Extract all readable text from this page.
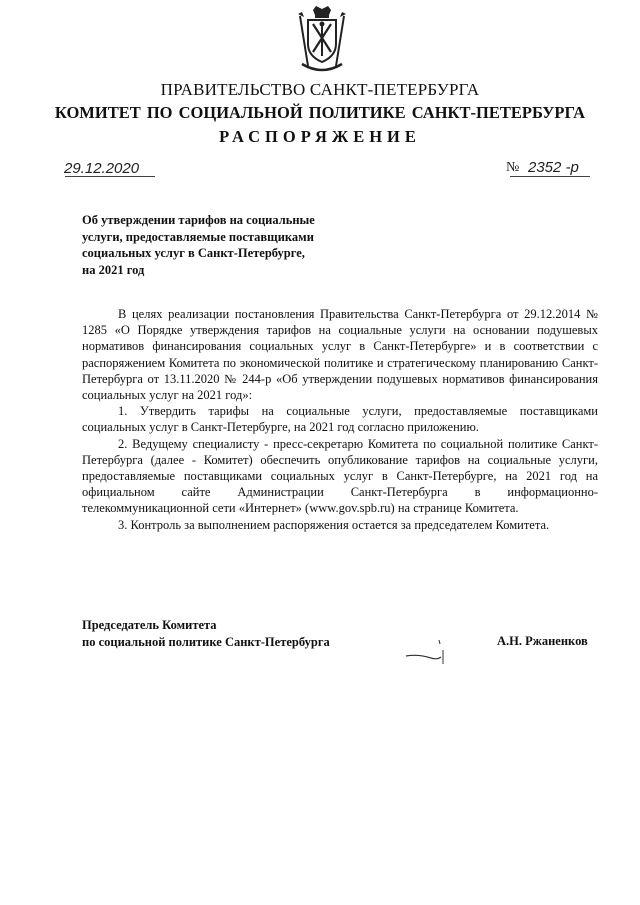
ПРАВИТЕЛЬСТВО САНКТ-ПЕТЕРБУРГА
КОМИТЕТ ПО СОЦИАЛЬНОЙ ПОЛИТИКЕ САНКТ-ПЕТЕРБУРГА
РАСПОРЯЖЕНИЕ
29.12.2020	№ 2352 -р
Об утверждении тарифов на социальные
услуги, предоставляемые поставщиками
социальных услуг в Санкт-Петербурге,
на 2021 год

В целях реализации постановления Правительства Санкт-Петербурга от 29.12.2014 № 1285 «О Порядке утверждения тарифов на социальные услуги на основании подушевых нормативов финансирования социальных услуг в Санкт-Петербурге» и в соответствии с распоряжением Комитета по экономической политике и стратегическому планированию Санкт-Петербурга от 13.11.2020 № 244-р «Об утверждении подушевых нормативов финансирования социальных услуг на 2021 год»:

1. Утвердить тарифы на социальные услуги, предоставляемые поставщиками социальных услуг в Санкт-Петербурге, на 2021 год согласно приложению.

2. Ведущему специалисту - пресс-секретарю Комитета по социальной политике Санкт-Петербурга (далее - Комитет) обеспечить опубликование тарифов на социальные услуги, предоставляемые поставщиками социальных услуг в Санкт-Петербурге, на 2021 год на официальном сайте Администрации Санкт-Петербурга в информационно-телекоммуникационной сети «Интернет» (www.gov.spb.ru) на странице Комитета.

3. Контроль за выполнением распоряжения остается за председателем Комитета.

Председатель Комитета
по социальной политике Санкт-Петербурга	А.Н. Ржаненков
